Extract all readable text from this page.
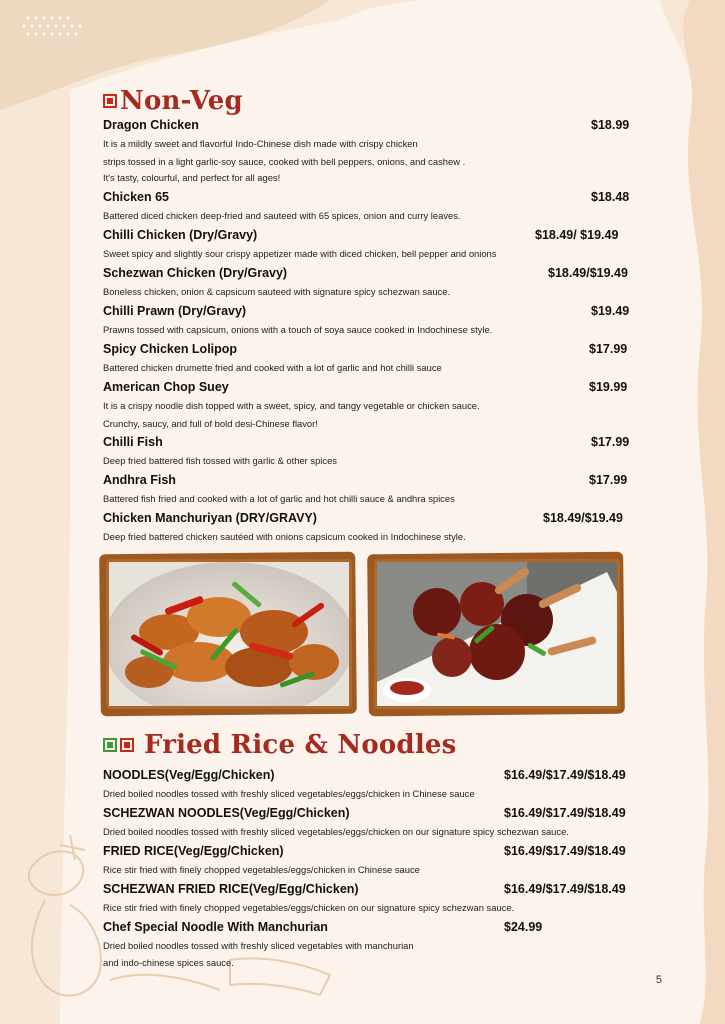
Non-Veg
Dragon Chicken	$18.99
It is a mildly sweet and flavorful Indo-Chinese dish made with crispy chicken
strips tossed in a light garlic-soy sauce, cooked with bell peppers, onions, and cashew .
It's tasty, colourful, and perfect for all ages!
Chicken 65	$18.48
Battered diced chicken deep-fried and sauteed with 65 spices, onion and curry leaves.
Chilli Chicken (Dry/Gravy)	$18.49/ $19.49
Sweet spicy and slightly sour crispy appetizer made with diced chicken, bell pepper and onions
Schezwan Chicken (Dry/Gravy)	$18.49/$19.49
Boneless chicken, onion & capsicum sauteed with signature spicy schezwan sauce.
Chilli Prawn (Dry/Gravy)	$19.49
Prawns tossed with capsicum, onions with a touch of soya sauce cooked in Indochinese style.
Spicy Chicken Lolipop	$17.99
Battered chicken drumette fried and cooked with a lot of garlic and hot chilli sauce
American Chop Suey	$19.99
It is a crispy noodle dish topped with a sweet, spicy, and tangy vegetable or chicken sauce.
Crunchy, saucy, and full of bold desi-Chinese flavor!
Chilli Fish	$17.99
Deep fried battered fish tossed with garlic & other spices
Andhra Fish	$17.99
Battered fish fried and cooked with a lot of garlic and hot chilli sauce & andhra spices
Chicken Manchuriyan (DRY/GRAVY)	$18.49/$19.49
Deep fried battered chicken sautéed with onions capsicum cooked in Indochinese style.
Fried Rice & Noodles
NOODLES(Veg/Egg/Chicken)	$16.49/$17.49/$18.49
Dried boiled noodles tossed with freshly sliced vegetables/eggs/chicken in Chinese sauce
SCHEZWAN NOODLES(Veg/Egg/Chicken)	$16.49/$17.49/$18.49
Dried boiled noodles tossed with freshly sliced vegetables/eggs/chicken on our signature spicy schezwan sauce.
FRIED RICE(Veg/Egg/Chicken)	$16.49/$17.49/$18.49
Rice stir fried with finely chopped vegetables/eggs/chicken in Chinese sauce
SCHEZWAN FRIED RICE(Veg/Egg/Chicken)	$16.49/$17.49/$18.49
Rice stir fried with finely chopped vegetables/eggs/chicken on our signature spicy schezwan sauce.
Chef Special Noodle With Manchurian	$24.99
Dried boiled noodles tossed with freshly sliced vegetables with manchurian
and indo-chinese spices sauce.
5
